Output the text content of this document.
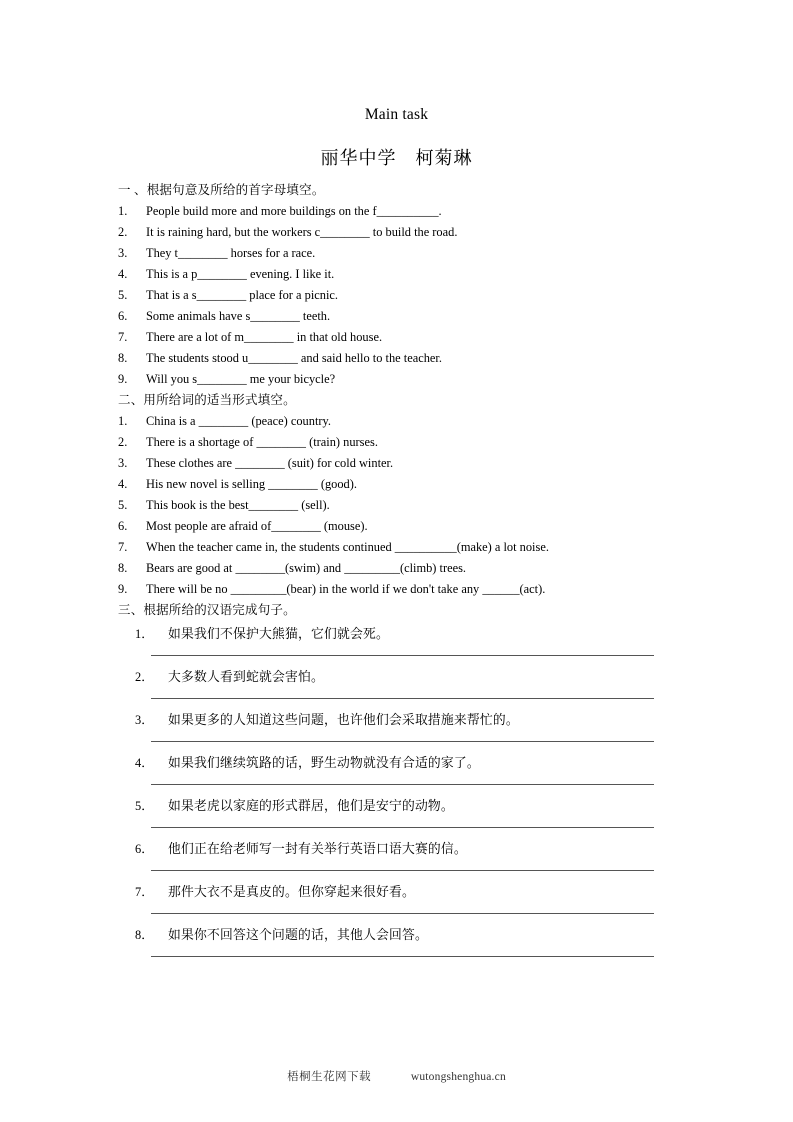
Main task
丽华中学　柯菊琳
一 、根据句意及所给的首字母填空。
1.	People build more and more buildings on the f__________.
2.	It is raining hard, but the workers c________ to build the road.
3.	They t________ horses for a race.
4.	This is a p________ evening. I like it.
5.	That is a s________ place for a picnic.
6.	Some animals have s________ teeth.
7.	There are a lot of m________ in that old house.
8.	The students stood u________ and said hello to the teacher.
9.	Will you s________ me your bicycle?
二、用所给词的适当形式填空。
1.	China is a ________ (peace) country.
2.	There is a shortage of ________ (train) nurses.
3.	These clothes are ________ (suit) for cold winter.
4.	His new novel is selling ________ (good).
5.	This book is the best________ (sell).
6.	Most people are afraid of________ (mouse).
7.	When the teacher came in, the students continued __________(make) a lot noise.
8.	Bears are good at ________(swim) and _________(climb) trees.
9.	There will be no _________(bear) in the world if we don't take any ______(act).
三、根据所给的汉语完成句子。
1． 如果我们不保护大熊猫，它们就会死。
2． 大多数人看到蛇就会害怕。
3． 如果更多的人知道这些问题，也许他们会采取措施来帮忙的。
4． 如果我们继续筑路的话，野生动物就没有合适的家了。
5． 如果老虎以家庭的形式群居，他们是安宁的动物。
6． 他们正在给老师写一封有关举行英语口语大赛的信。
7． 那件大衣不是真皮的。但你穿起来很好看。
8． 如果你不回答这个问题的话，其他人会回答。
梧桐生花网下载	wutongshenghua.cn
